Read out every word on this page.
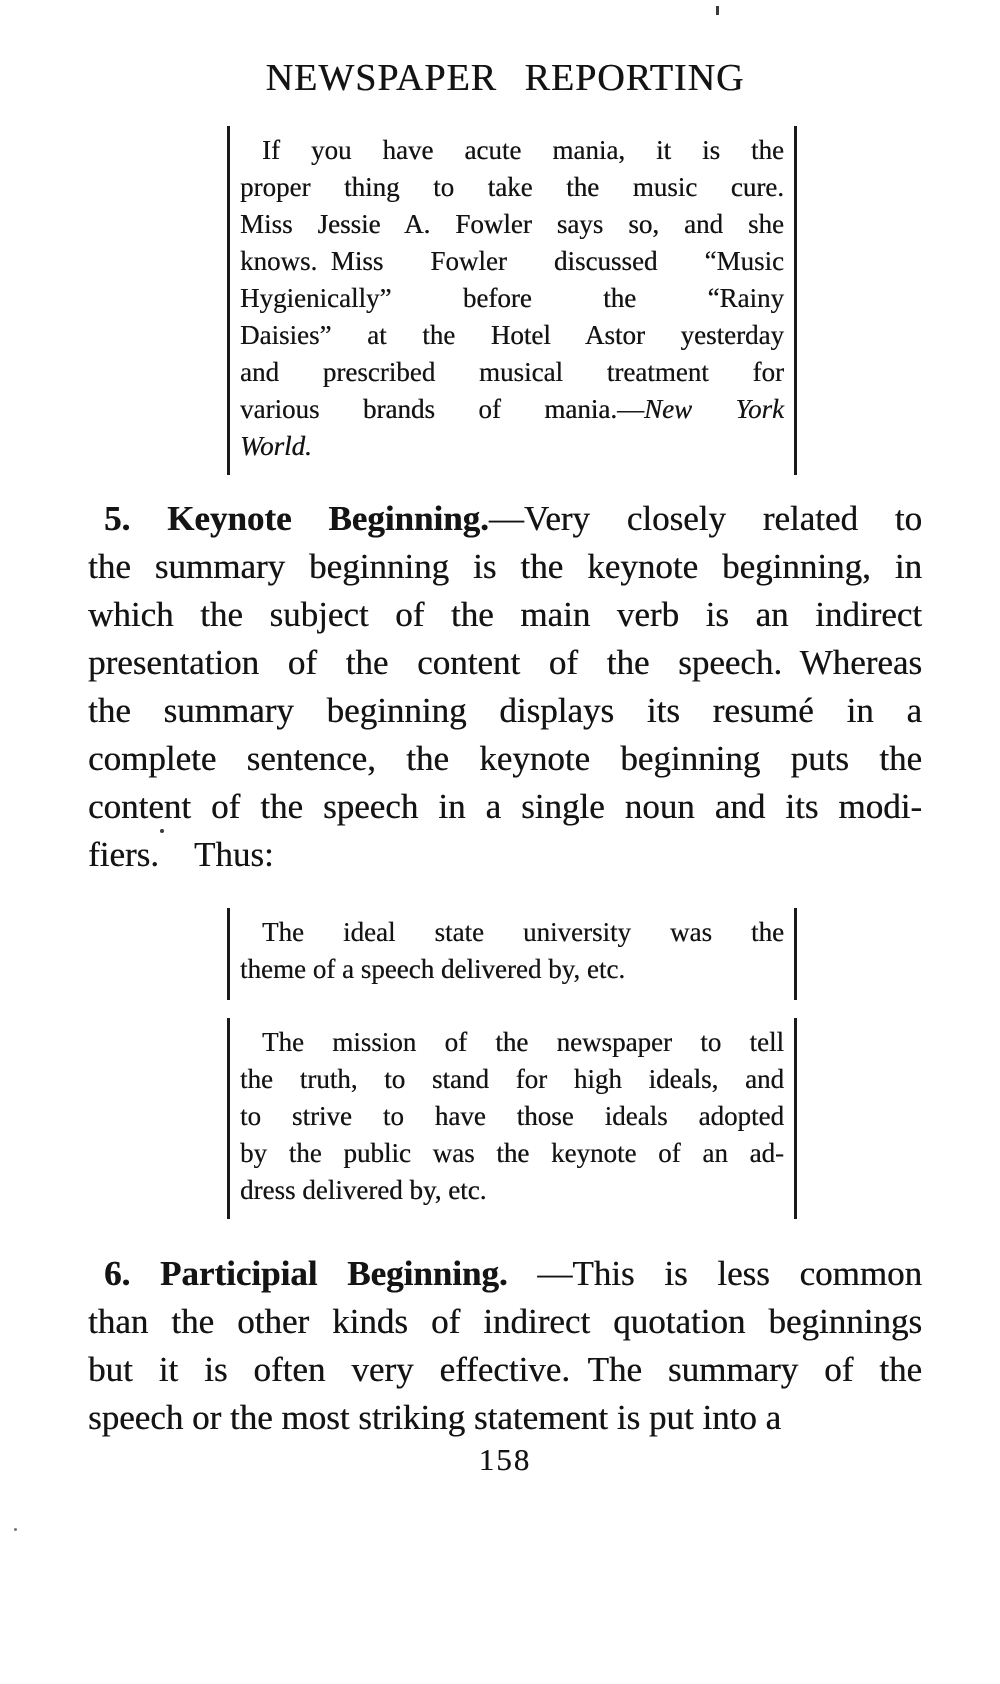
NEWSPAPER REPORTING
If you have acute mania, it is the
proper thing to take the music cure.
Miss Jessie A. Fowler says so, and she
knows. Miss Fowler discussed “Music
Hygienically” before the “Rainy
Daisies” at the Hotel Astor yesterday
and prescribed musical treatment for
various brands of mania.—New York
World.
5. Keynote Beginning.—Very closely related to
the summary beginning is the keynote beginning, in
which the subject of the main verb is an indirect
presentation of the content of the speech. Whereas
the summary beginning displays its resumé in a
complete sentence, the keynote beginning puts the
content of the speech in a single noun and its modi-
fiers. Thus:
The ideal state university was the
theme of a speech delivered by, etc.
The mission of the newspaper to tell
the truth, to stand for high ideals, and
to strive to have those ideals adopted
by the public was the keynote of an ad-
dress delivered by, etc.
6. Participial Beginning. —This is less common
than the other kinds of indirect quotation beginnings
but it is often very effective. The summary of the
speech or the most striking statement is put into a
158
